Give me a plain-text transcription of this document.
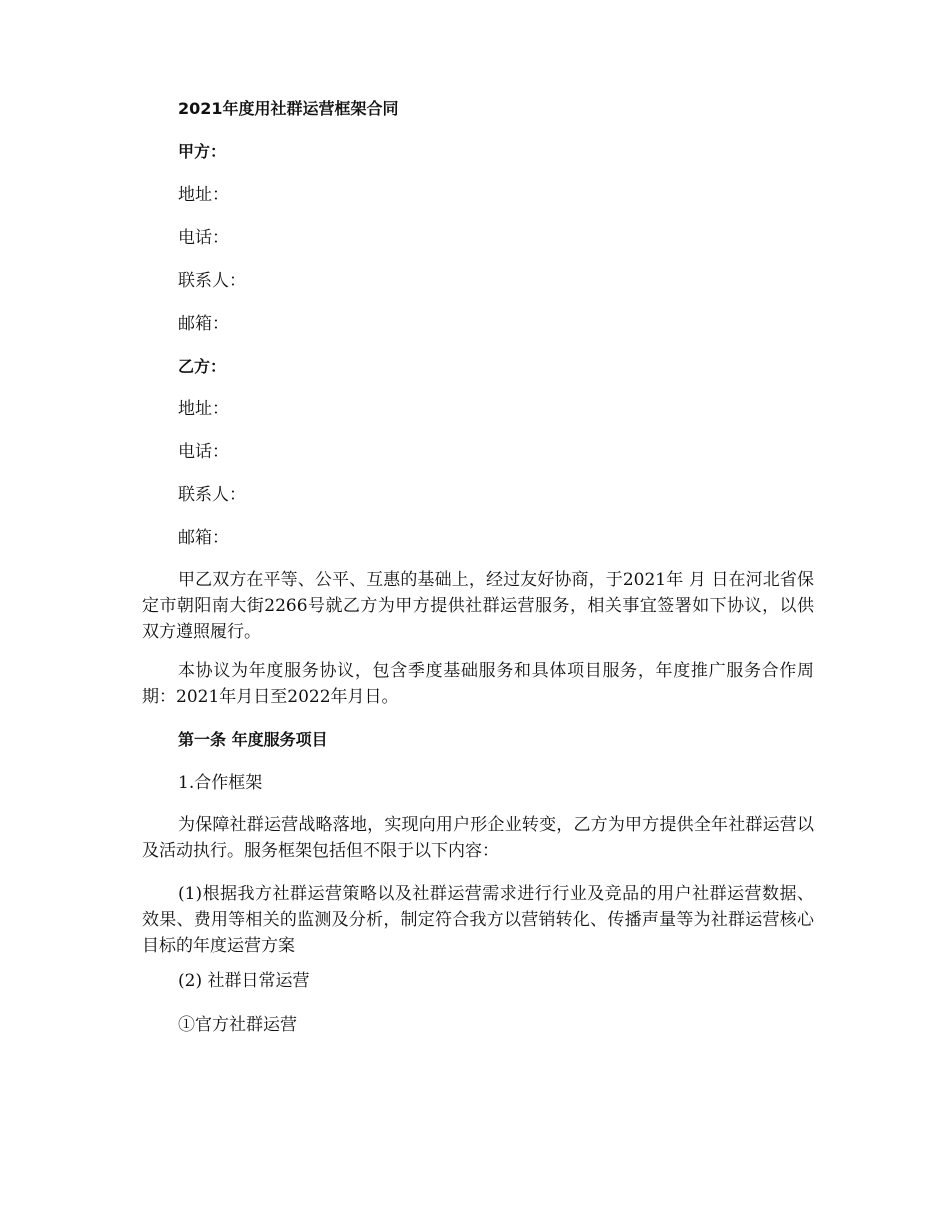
2021年度用社群运营框架合同
甲方：
地址：
电话：
联系人：
邮箱：
乙方：
地址：
电话：
联系人：
邮箱：
甲乙双方在平等、公平、互惠的基础上，经过友好协商，于2021年 月 日在河北省保定市朝阳南大街2266号就乙方为甲方提供社群运营服务，相关事宜签署如下协议，以供双方遵照履行。
本协议为年度服务协议，包含季度基础服务和具体项目服务，年度推广服务合作周期：2021年月日至2022年月日。
第一条 年度服务项目
1.合作框架
为保障社群运营战略落地，实现向用户形企业转变，乙方为甲方提供全年社群运营以及活动执行。服务框架包括但不限于以下内容：
(1)根据我方社群运营策略以及社群运营需求进行行业及竞品的用户社群运营数据、效果、费用等相关的监测及分析，制定符合我方以营销转化、传播声量等为社群运营核心目标的年度运营方案
(2) 社群日常运营
①官方社群运营
